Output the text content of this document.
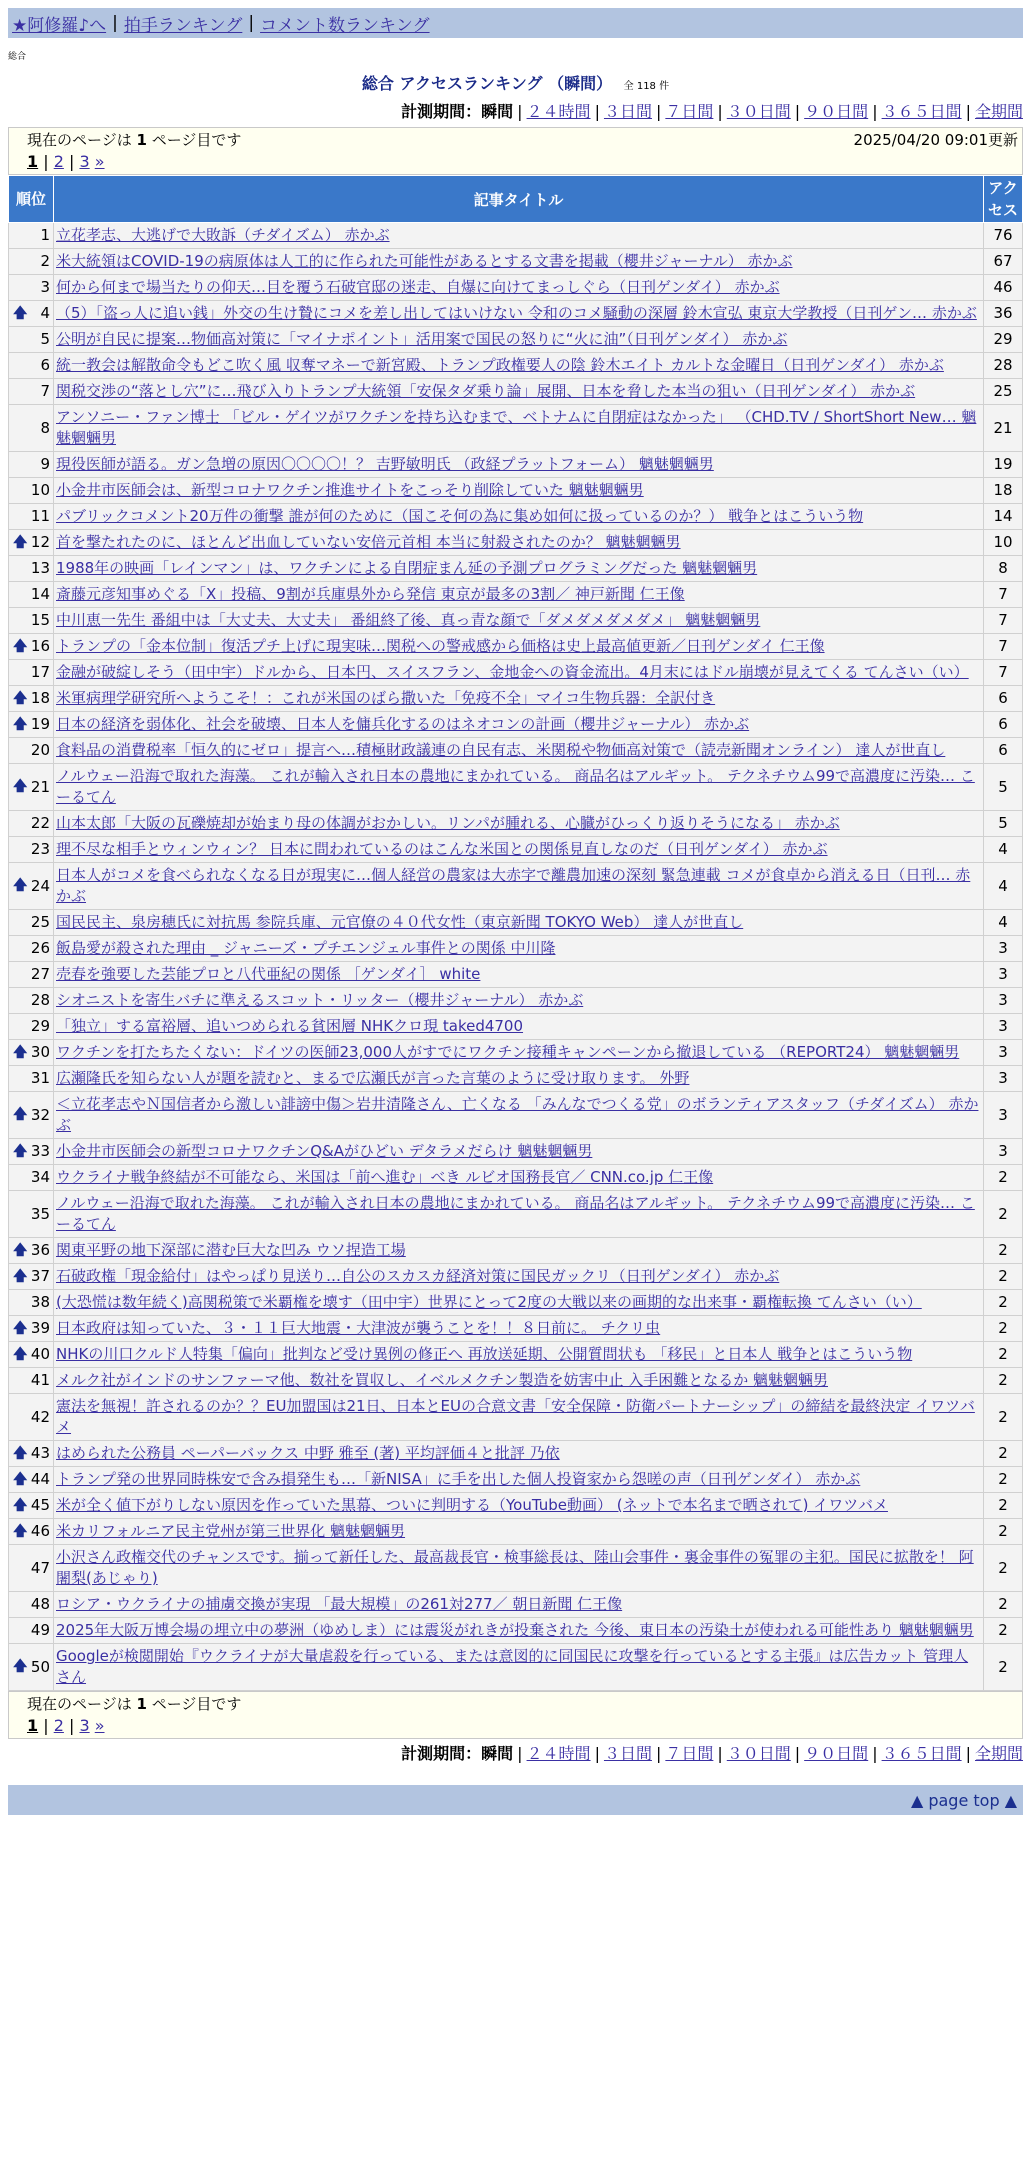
★阿修羅♪へ | 拍手ランキング | コメント数ランキング
総合
総合 アクセスランキング （瞬間） 全 118 件
計測期間：瞬間 | ２４時間 | ３日間 | ７日間 | ３０日間 | ９０日間 | ３６５日間 | 全期間
現在のページは 1 ページ目です	2025/04/20 09:01更新
1 | 2 | 3 »
順位	記事タイトル	アクセス
1	立花孝志、大逃げで大敗訴（チダイズム） 赤かぶ	76
2	米大統領はCOVID-19の病原体は人工的に作られた可能性があるとする文書を掲載（櫻井ジャーナル） 赤かぶ	67
3	何から何まで場当たりの仰天…目を覆う石破官邸の迷走、自爆に向けてまっしぐら（日刊ゲンダイ） 赤かぶ	46

🡅 4	（5）「盗っ人に追い銭」外交の生け贄にコメを差し出してはいけない 令和のコメ騒動の深層 鈴木宣弘 東京大学教授（日刊ゲン… 赤かぶ	36
5	公明が自民に提案…物価高対策に「マイナポイント」活用案で国民の怒りに“火に油”（日刊ゲンダイ） 赤かぶ	29
6	統一教会は解散命令もどこ吹く風 収奪マネーで新宮殿、トランプ政権要人の陰 鈴木エイト カルトな金曜日（日刊ゲンダイ） 赤かぶ	28
7	関税交渉の“落とし穴”に…飛び入りトランプ大統領「安保タダ乗り論」展開、日本を脅した本当の狙い（日刊ゲンダイ） 赤かぶ	25
8	アンソニー・ファン博士 「ビル・ゲイツがワクチンを持ち込むまで、ベトナムに自閉症はなかった」 （CHD.TV / ShortShort New… 魑魅魍魎男	21
9	現役医師が語る。ガン急増の原因〇〇〇〇！？ 吉野敏明氏 （政経プラットフォーム） 魑魅魍魎男	19
10	小金井市医師会は、新型コロナワクチン推進サイトをこっそり削除していた 魑魅魍魎男	18
11	パブリックコメント20万件の衝撃 誰が何のために（国こそ何の為に集め如何に扱っているのか？） 戦争とはこういう物	14

🡅 12	首を撃たれたのに、ほとんど出血していない安倍元首相 本当に射殺されたのか？ 魑魅魍魎男	10
13	1988年の映画「レインマン」は、ワクチンによる自閉症まん延の予測プログラミングだった 魑魅魍魎男	8
14	斎藤元彦知事めぐる「X」投稿、9割が兵庫県外から発信 東京が最多の3割／ 神戸新聞 仁王像	7
15	中川恵一先生 番組中は「大丈夫、大丈夫」 番組終了後、真っ青な顔で「ダメダメダメダメ」 魑魅魍魎男	7

🡅 16	トランプの「金本位制」復活プチ上げに現実味…関税への警戒感から価格は史上最高値更新／日刊ゲンダイ 仁王像	7
17	金融が破綻しそう（田中宇）ドルから、日本円、スイスフラン、金地金への資金流出。4月末にはドル崩壊が見えてくる てんさい（い）	7

🡅 18	米軍病理学研究所へようこそ！：これが米国のばら撒いた「免疫不全」マイコ生物兵器：全訳付き	6

🡅 19	日本の経済を弱体化、社会を破壊、日本人を傭兵化するのはネオコンの計画（櫻井ジャーナル） 赤かぶ	6
20	食料品の消費税率「恒久的にゼロ」提言へ…積極財政議連の自民有志、米関税や物価高対策で（読売新聞オンライン） 達人が世直し	6

🡅 21	ノルウェー沿海で取れた海藻。 これが輸入され日本の農地にまかれている。 商品名はアルギット。 テクネチウム99で高濃度に汚染… こーるてん	5
22	山本太郎「大阪の瓦礫焼却が始まり母の体調がおかしい。リンパが腫れる、心臓がひっくり返りそうになる」 赤かぶ	5
23	理不尽な相手とウィンウィン？ 日本に問われているのはこんな米国との関係見直しなのだ（日刊ゲンダイ） 赤かぶ	4

🡅 24	日本人がコメを食べられなくなる日が現実に…個人経営の農家は大赤字で離農加速の深刻 緊急連載 コメが食卓から消える日（日刊… 赤かぶ	4
25	国民民主、泉房穂氏に対抗馬 参院兵庫、元官僚の４０代女性（東京新聞 TOKYO Web） 達人が世直し	4
26	飯島愛が殺された理由 _ ジャニーズ・プチエンジェル事件との関係 中川隆	3
27	売春を強要した芸能プロと八代亜紀の関係 ［ゲンダイ］ white	3
28	シオニストを寄生バチに準えるスコット・リッター（櫻井ジャーナル） 赤かぶ	3
29	「独立」する富裕層、追いつめられる貧困層 NHKクロ現 taked4700	3

🡅 30	ワクチンを打たちたくない：ドイツの医師23,000人がすでにワクチン接種キャンペーンから撤退している （REPORT24） 魑魅魍魎男	3
31	広瀬隆氏を知らない人が題を読むと、まるで広瀬氏が言った言葉のように受け取ります。 外野	3

🡅 32	＜立花孝志やＮ国信者から激しい誹謗中傷＞岩井清隆さん、亡くなる 「みんなでつくる党」のボランティアスタッフ（チダイズム） 赤かぶ	3

🡅 33	小金井市医師会の新型コロナワクチンQ&Aがひどい デタラメだらけ 魑魅魍魎男	3
34	ウクライナ戦争終結が不可能なら、米国は「前へ進む」べき ルビオ国務長官／ CNN.co.jp 仁王像	2
35	ノルウェー沿海で取れた海藻。 これが輸入され日本の農地にまかれている。 商品名はアルギット。 テクネチウム99で高濃度に汚染… こーるてん	2

🡅 36	関東平野の地下深部に潜む巨大な凹み ウソ捏造工場	2

🡅 37	石破政権「現金給付」はやっぱり見送り…自公のスカスカ経済対策に国民ガックリ（日刊ゲンダイ） 赤かぶ	2
38	(大恐慌は数年続く)高関税策で米覇権を壊す（田中宇）世界にとって2度の大戦以来の画期的な出来事・覇権転換 てんさい（い）	2

🡅 39	日本政府は知っていた、３・１１巨大地震・大津波が襲うことを！！８日前に。 チクリ虫	2

🡅 40	NHKの川口クルド人特集「偏向」批判など受け異例の修正へ 再放送延期、公開質問状も 「移民」と日本人 戦争とはこういう物	2
41	メルク社がインドのサンファーマ他、数社を買収し、イベルメクチン製造を妨害中止 入手困難となるか 魑魅魍魎男	2
42	憲法を無視！許されるのか？？EU加盟国は21日、日本とEUの合意文書「安全保障・防衛パートナーシップ」の締結を最終決定 イワツバメ	2

🡅 43	はめられた公務員 ペーパーバックス 中野 雅至 (著) 平均評価４と批評 乃依	2

🡅 44	トランプ発の世界同時株安で含み損発生も…「新NISA」に手を出した個人投資家から怨嗟の声（日刊ゲンダイ） 赤かぶ	2

🡅 45	米が全く値下がりしない原因を作っていた黒幕、ついに判明する（YouTube動画） (ネットで本名まで晒されて) イワツバメ	2

🡅 46	米カリフォルニア民主党州が第三世界化 魑魅魍魎男	2
47	小沢さん政権交代のチャンスです。揃って新任した、最高裁長官・検事総長は、陸山会事件・裏金事件の冤罪の主犯。国民に拡散を！ 阿闍梨(あじゃり)	2
48	ロシア・ウクライナの捕虜交換が実現 「最大規模」の261対277／ 朝日新聞 仁王像	2
49	2025年大阪万博会場の埋立中の夢洲（ゆめしま）には震災がれきが投棄された 今後、東日本の汚染土が使われる可能性あり 魑魅魍魎男	2

🡅 50	Googleが検閲開始『ウクライナが大量虐殺を行っている、または意図的に同国民に攻撃を行っているとする主張』は広告カット 管理人さん	2
現在のページは 1 ページ目です
1 | 2 | 3 »
計測期間：瞬間 | ２４時間 | ３日間 | ７日間 | ３０日間 | ９０日間 | ３６５日間 | 全期間
▲ page top ▲
